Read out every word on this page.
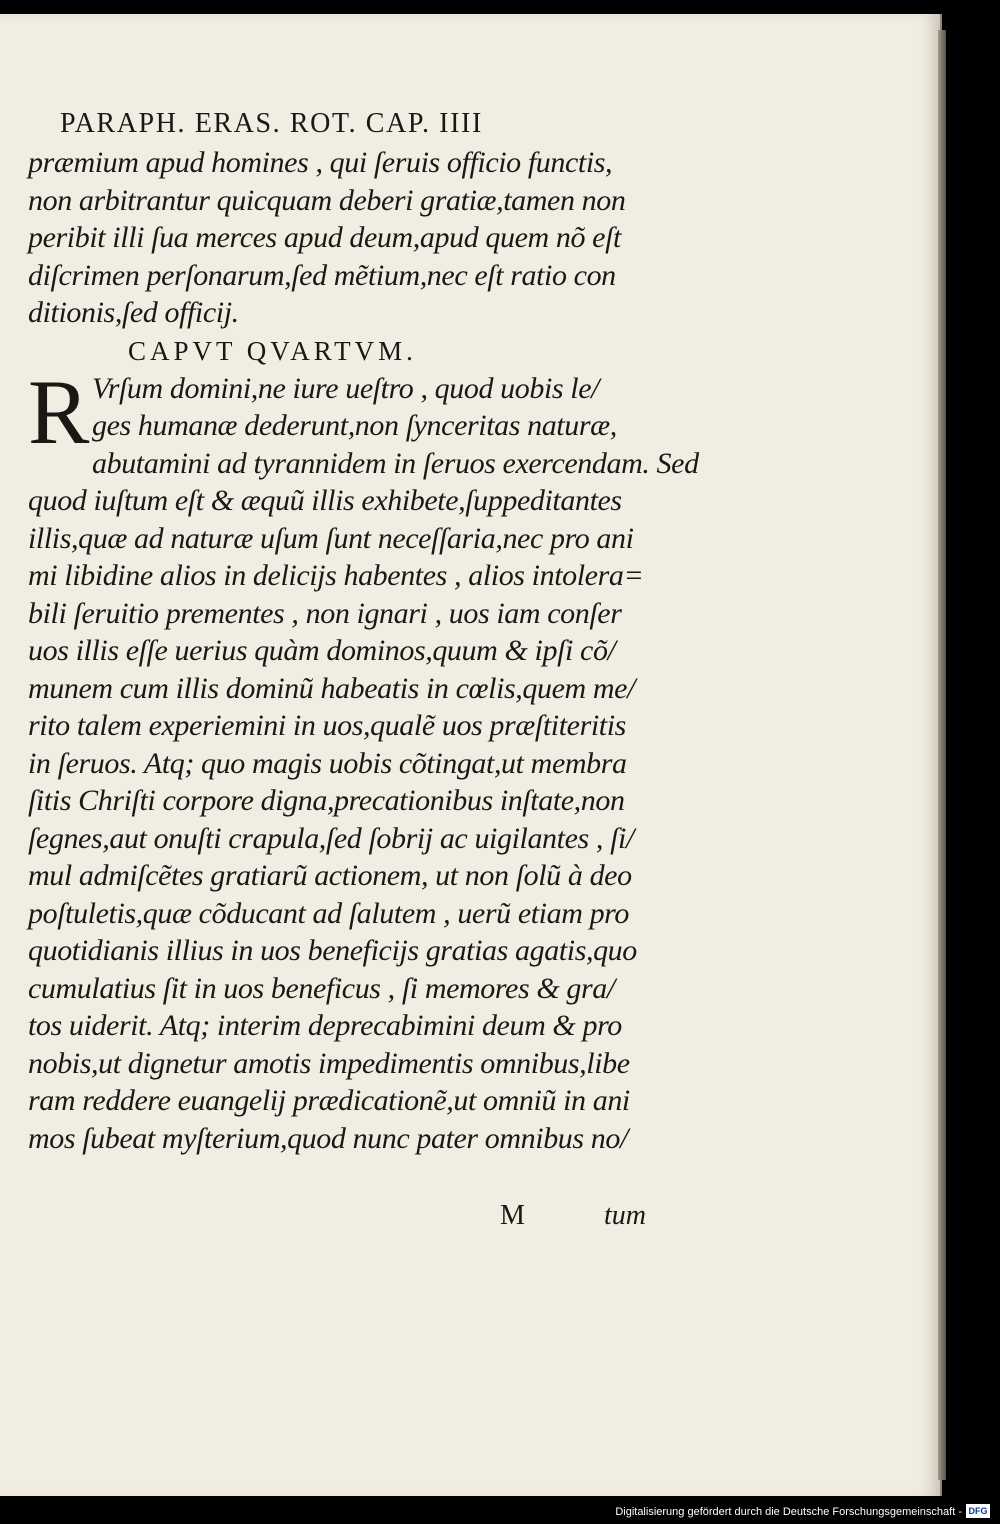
PARAPH. ERAS. ROT. CAP. IIII
præmium apud homines , qui ſeruis officio functis,
non arbitrantur quicquam deberi gratiæ,tamen non
peribit illi ſua merces apud deum,apud quem nõ eſt
diſcrimen perſonarum,ſed mẽtium,nec eſt ratio con
ditionis,ſed officij.
CAPVT QVARTVM.
R Vrſum domini,ne iure ueſtro , quod uobis le/
ges humanæ dederunt,non ſynceritas naturæ,
abutamini ad tyrannidem in ſeruos exercendam. Sed
quod iuſtum eſt & æquũ illis exhibete,ſuppeditantes
illis,quæ ad naturæ uſum ſunt neceſſaria,nec pro ani
mi libidine alios in delicijs habentes , alios intolera=
bili ſeruitio prementes , non ignari , uos iam conſer
uos illis eſſe uerius quàm dominos,quum & ipſi cõ/
munem cum illis dominũ habeatis in cœlis,quem me/
rito talem experiemini in uos,qualẽ uos præſtiteritis
in ſeruos. Atq; quo magis uobis cõtingat,ut membra
ſitis Chriſti corpore digna,precationibus inſtate,non
ſegnes,aut onuſti crapula,ſed ſobrij ac uigilantes , ſi/
mul admiſcẽtes gratiarũ actionem, ut non ſolũ à deo
poſtuletis,quæ cõducant ad ſalutem , uerũ etiam pro
quotidianis illius in uos beneficijs gratias agatis,quo
cumulatius ſit in uos beneficus , ſi memores & gra/
tos uiderit. Atq; interim deprecabimini deum & pro
nobis,ut dignetur amotis impedimentis omnibus,libe
ram reddere euangelij prædicationẽ,ut omniũ in ani
mos ſubeat myſterium,quod nunc pater omnibus no/
M	tum
Digitalisierung gefördert durch die Deutsche Forschungsgemeinschaft - DFG
